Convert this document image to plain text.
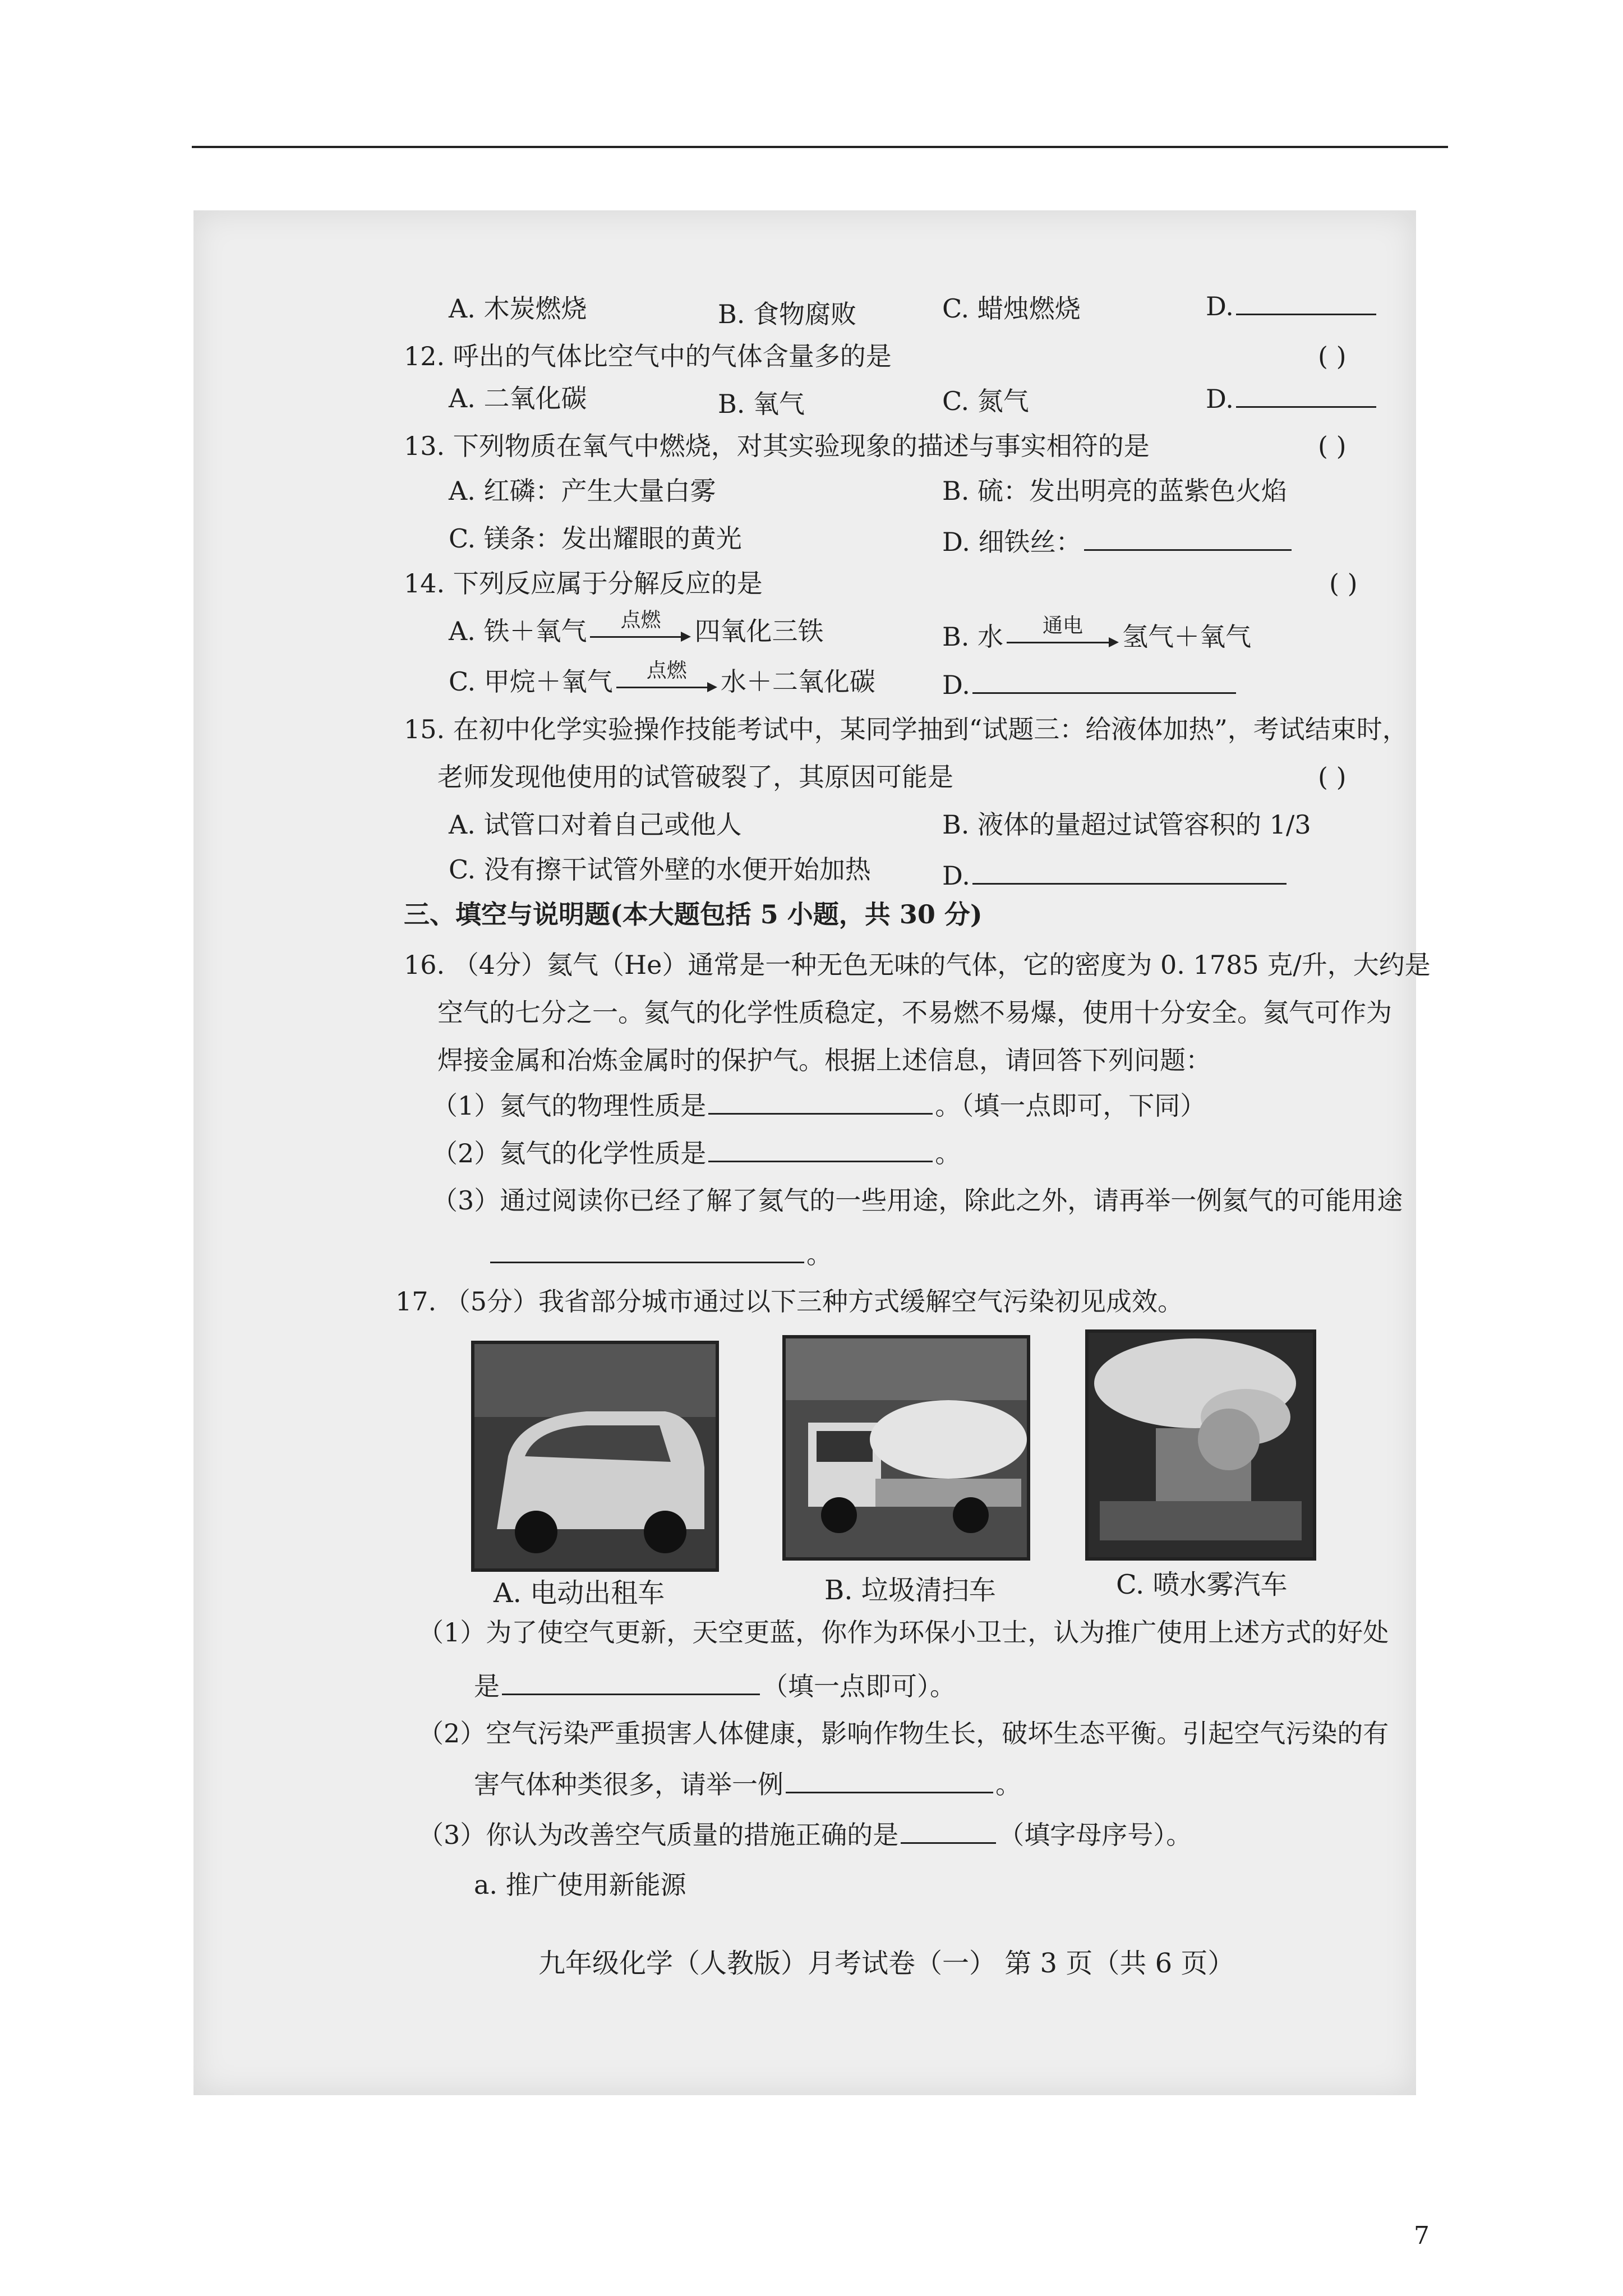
A. 木炭燃烧	B. 食物腐败	C. 蜡烛燃烧	D.
12. 呼出的气体比空气中的气体含量多的是	( )
A. 二氧化碳	B. 氧气	C. 氮气	D.
13. 下列物质在氧气中燃烧，对其实验现象的描述与事实相符的是	( )
A. 红磷：产生大量白雾	B. 硫：发出明亮的蓝紫色火焰
C. 镁条：发出耀眼的黄光	D. 细铁丝：
14. 下列反应属于分解反应的是	( )
A. 铁＋氧气	点燃	四氧化三铁	B. 水	通电	氢气＋氧气
C. 甲烷＋氧气	点燃	水＋二氧化碳	D.
15. 在初中化学实验操作技能考试中，某同学抽到“试题三：给液体加热”，考试结束时，
老师发现他使用的试管破裂了，其原因可能是	( )
A. 试管口对着自己或他人	B. 液体的量超过试管容积的 1/3
C. 没有擦干试管外壁的水便开始加热	D.
三、填空与说明题(本大题包括 5 小题，共 30 分)
16. （4分）氦气（He）通常是一种无色无味的气体，它的密度为 0. 1785 克/升，大约是
空气的七分之一。氦气的化学性质稳定，不易燃不易爆，使用十分安全。氦气可作为
焊接金属和冶炼金属时的保护气。根据上述信息，请回答下列问题：
（1）氦气的物理性质是	。（填一点即可，下同）
（2）氦气的化学性质是	。
（3）通过阅读你已经了解了氦气的一些用途，除此之外，请再举一例氦气的可能用途
。
17. （5分）我省部分城市通过以下三种方式缓解空气污染初见成效。
A. 电动出租车	B. 垃圾清扫车	C. 喷水雾汽车
（1）为了使空气更新，天空更蓝，你作为环保小卫士，认为推广使用上述方式的好处
是	（填一点即可）。
（2）空气污染严重损害人体健康，影响作物生长，破坏生态平衡。引起空气污染的有
害气体种类很多，请举一例	。
（3）你认为改善空气质量的措施正确的是	（填字母序号）。
a. 推广使用新能源
九年级化学（人教版）月考试卷（一） 第 3 页（共 6 页）
7
